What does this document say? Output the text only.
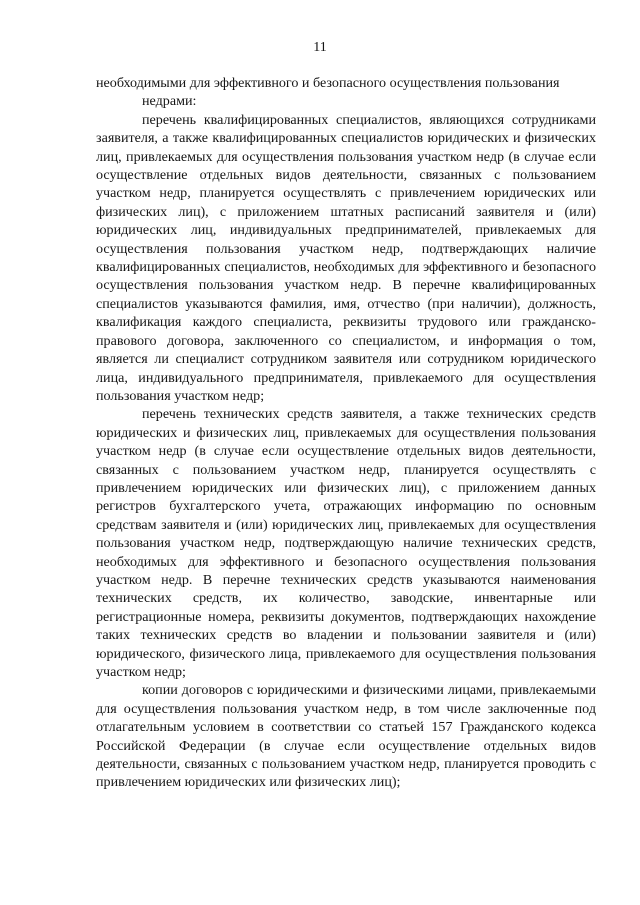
11

необходимыми для эффективного и безопасного осуществления пользования
недрами:

перечень квалифицированных специалистов, являющихся сотрудниками заявителя, а также квалифицированных специалистов юридических и физических лиц, привлекаемых для осуществления пользования участком недр (в случае если осуществление отдельных видов деятельности, связанных с пользованием участком недр, планируется осуществлять с привлечением юридических или физических лиц), с приложением штатных расписаний заявителя и (или) юридических лиц, индивидуальных предпринимателей, привлекаемых для осуществления пользования участком недр, подтверждающих наличие квалифицированных специалистов, необходимых для эффективного и безопасного осуществления пользования участком недр. В перечне квалифицированных специалистов указываются фамилия, имя, отчество (при наличии), должность, квалификация каждого специалиста, реквизиты трудового или гражданско-правового договора, заключенного со специалистом, и информация о том, является ли специалист сотрудником заявителя или сотрудником юридического лица, индивидуального предпринимателя, привлекаемого для осуществления пользования участком недр;

перечень технических средств заявителя, а также технических средств юридических и физических лиц, привлекаемых для осуществления пользования участком недр (в случае если осуществление отдельных видов деятельности, связанных с пользованием участком недр, планируется осуществлять с привлечением юридических или физических лиц), с приложением данных регистров бухгалтерского учета, отражающих информацию по основным средствам заявителя и (или) юридических лиц, привлекаемых для осуществления пользования участком недр, подтверждающую наличие технических средств, необходимых для эффективного и безопасного осуществления пользования участком недр. В перечне технических средств указываются наименования технических средств, их количество, заводские, инвентарные или регистрационные номера, реквизиты документов, подтверждающих нахождение таких технических средств во владении и пользовании заявителя и (или) юридического, физического лица, привлекаемого для осуществления пользования участком недр;

копии договоров с юридическими и физическими лицами, привлекаемыми для осуществления пользования участком недр, в том числе заключенные под отлагательным условием в соответствии со статьей 157 Гражданского кодекса Российской Федерации (в случае если осуществление отдельных видов деятельности, связанных с пользованием участком недр, планируется проводить с привлечением юридических или физических лиц);
